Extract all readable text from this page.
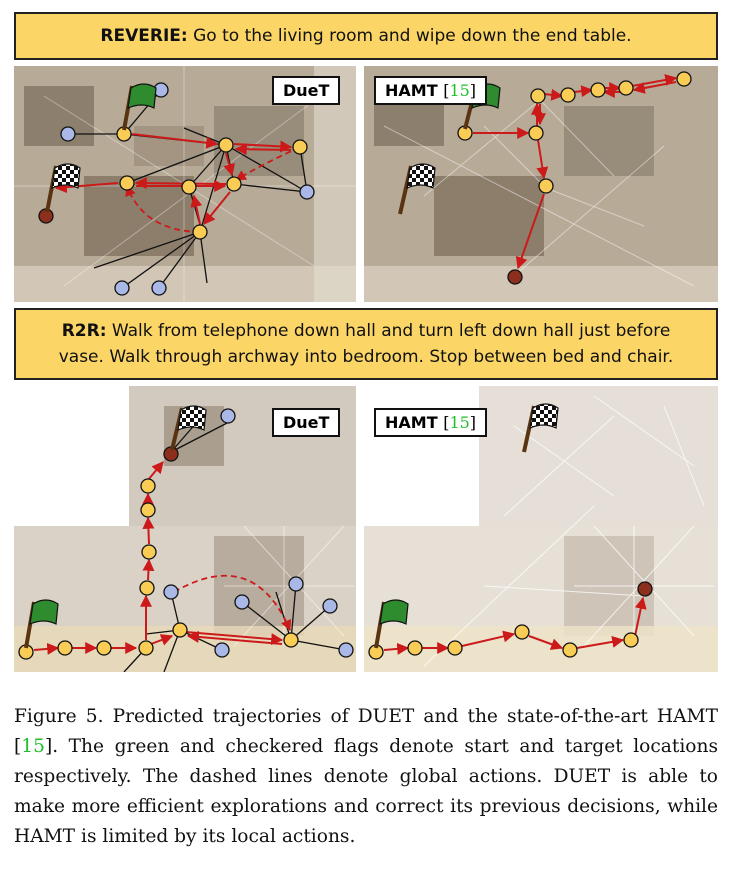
REVERIE: Go to the living room and wipe down the end table.
DueT	HAMT [15]
R2R: Walk from telephone down hall and turn left down hall just before
vase. Walk through archway into bedroom. Stop between bed and chair.
DueT	HAMT [15]
Figure 5. Predicted trajectories of DUET and the state-of-the-art HAMT [15]. The green and checkered flags denote start and target locations respectively. The dashed lines denote global actions. DUET is able to make more efficient explorations and correct its previous decisions, while HAMT is limited by its local actions.
